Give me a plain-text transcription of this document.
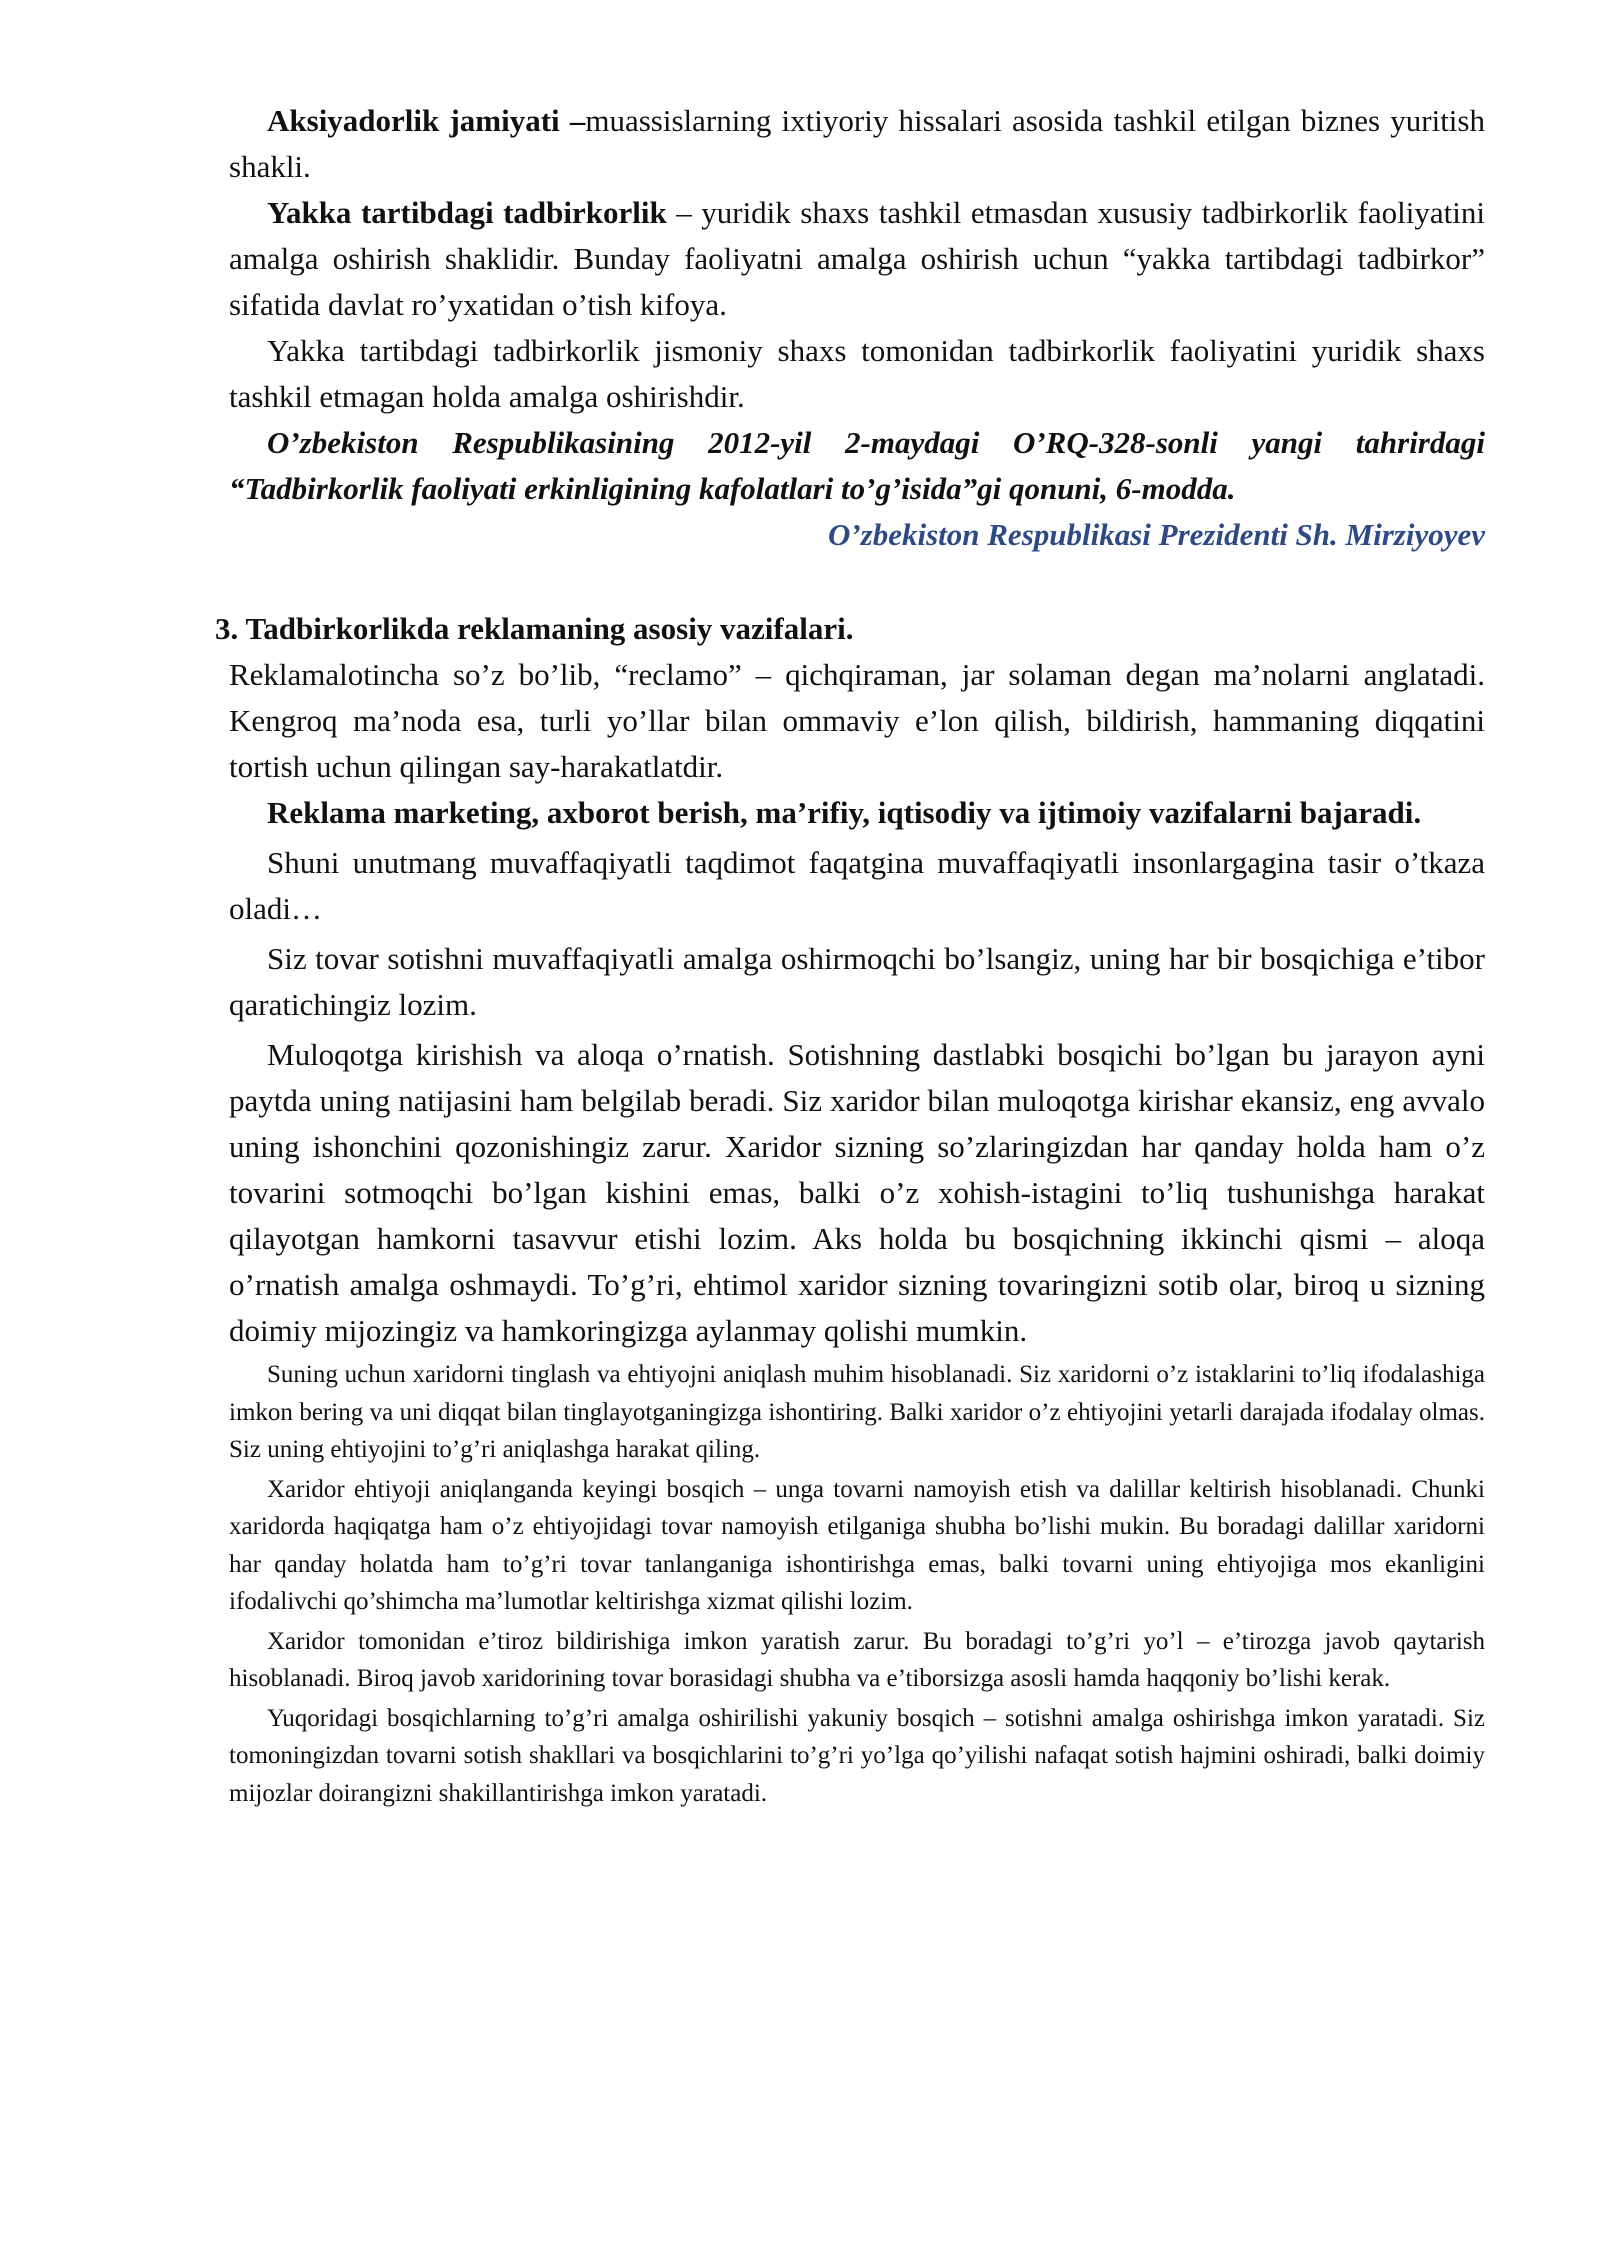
Aksiyadorlik jamiyati –muassislarning ixtiyoriy hissalari asosida tashkil etilgan biznes yuritish shakli.

Yakka tartibdagi tadbirkorlik – yuridik shaxs tashkil etmasdan xususiy tadbirkorlik faoliyatini amalga oshirish shaklidir. Bunday faoliyatni amalga oshirish uchun “yakka tartibdagi tadbirkor” sifatida davlat ro’yxatidan o’tish kifoya.

Yakka tartibdagi tadbirkorlik jismoniy shaxs tomonidan tadbirkorlik faoliyatini yuridik shaxs tashkil etmagan holda amalga oshirishdir.

O’zbekiston Respublikasining 2012-yil 2-maydagi O’RQ-328-sonli yangi tahrirdagi “Tadbirkorlik faoliyati erkinligining kafolatlari to’g’isida”gi qonuni, 6-modda.

O’zbekiston Respublikasi Prezidenti Sh. Mirziyoyev

3. Tadbirkorlikda reklamaning asosiy vazifalari.

Reklamalotincha so’z bo’lib, “reclamo” – qichqiraman, jar solaman degan ma’nolarni anglatadi. Kengroq ma’noda esa, turli yo’llar bilan ommaviy e’lon qilish, bildirish, hammaning diqqatini tortish uchun qilingan say-harakatlatdir.

Reklama marketing, axborot berish, ma’rifiy, iqtisodiy va ijtimoiy vazifalarni bajaradi.

Shuni unutmang muvaffaqiyatli taqdimot faqatgina muvaffaqiyatli insonlargagina tasir o’tkaza oladi…

Siz tovar sotishni muvaffaqiyatli amalga oshirmoqchi bo’lsangiz, uning har bir bosqichiga e’tibor qaratichingiz lozim.

Muloqotga kirishish va aloqa o’rnatish. Sotishning dastlabki bosqichi bo’lgan bu jarayon ayni paytda uning natijasini ham belgilab beradi. Siz xaridor bilan muloqotga kirishar ekansiz, eng avvalo uning ishonchini qozonishingiz zarur. Xaridor sizning so’zlaringizdan har qanday holda ham o’z tovarini sotmoqchi bo’lgan kishini emas, balki o’z xohish-istagini to’liq tushunishga harakat qilayotgan hamkorni tasavvur etishi lozim. Aks holda bu bosqichning ikkinchi qismi – aloqa o’rnatish amalga oshmaydi. To’g’ri, ehtimol xaridor sizning tovaringizni sotib olar, biroq u sizning doimiy mijozingiz va hamkoringizga aylanmay qolishi mumkin.

Suning uchun xaridorni tinglash va ehtiyojni aniqlash muhim hisoblanadi. Siz xaridorni o’z istaklarini to’liq ifodalashiga imkon bering va uni diqqat bilan tinglayotganingizga ishontiring. Balki xaridor o’z ehtiyojini yetarli darajada ifodalay olmas. Siz uning ehtiyojini to’g’ri aniqlashga harakat qiling.

Xaridor ehtiyoji aniqlanganda keyingi bosqich – unga tovarni namoyish etish va dalillar keltirish hisoblanadi. Chunki xaridorda haqiqatga ham o’z ehtiyojidagi tovar namoyish etilganiga shubha bo’lishi mukin. Bu boradagi dalillar xaridorni har qanday holatda ham to’g’ri tovar tanlanganiga ishontirishga emas, balki tovarni uning ehtiyojiga mos ekanligini ifodalivchi qo’shimcha ma’lumotlar keltirishga xizmat qilishi lozim.

Xaridor tomonidan e’tiroz bildirishiga imkon yaratish zarur. Bu boradagi to’g’ri yo’l – e’tirozga javob qaytarish hisoblanadi. Biroq javob xaridorining tovar borasidagi shubha va e’tiborsizga asosli hamda haqqoniy bo’lishi kerak.

Yuqoridagi bosqichlarning to’g’ri amalga oshirilishi yakuniy bosqich – sotishni amalga oshirishga imkon yaratadi. Siz tomoningizdan tovarni sotish shakllari va bosqichlarini to’g’ri yo’lga qo’yilishi nafaqat sotish hajmini oshiradi, balki doimiy mijozlar doirangizni shakillantirishga imkon yaratadi.
